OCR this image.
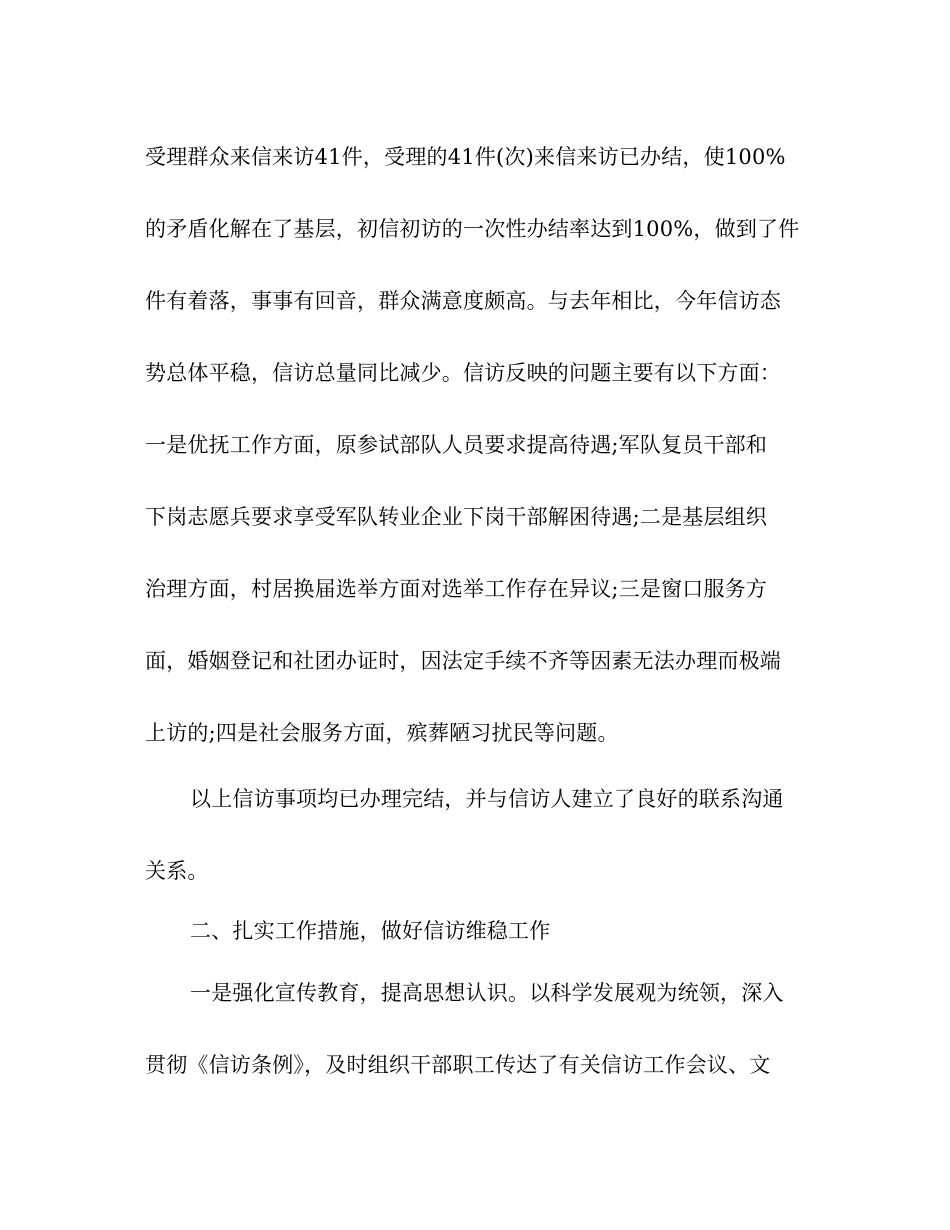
受理群众来信来访41件，受理的41件(次)来信来访已办结，使100%
的矛盾化解在了基层，初信初访的一次性办结率达到100%，做到了件
件有着落，事事有回音，群众满意度颇高。与去年相比，今年信访态
势总体平稳，信访总量同比减少。信访反映的问题主要有以下方面：
一是优抚工作方面，原参试部队人员要求提高待遇;军队复员干部和
下岗志愿兵要求享受军队转业企业下岗干部解困待遇;二是基层组织
治理方面，村居换届选举方面对选举工作存在异议;三是窗口服务方
面，婚姻登记和社团办证时，因法定手续不齐等因素无法办理而极端
上访的;四是社会服务方面，殡葬陋习扰民等问题。
以上信访事项均已办理完结，并与信访人建立了良好的联系沟通
关系。
二、扎实工作措施，做好信访维稳工作
一是强化宣传教育，提高思想认识。以科学发展观为统领，深入
贯彻《信访条例》，及时组织干部职工传达了有关信访工作会议、文
